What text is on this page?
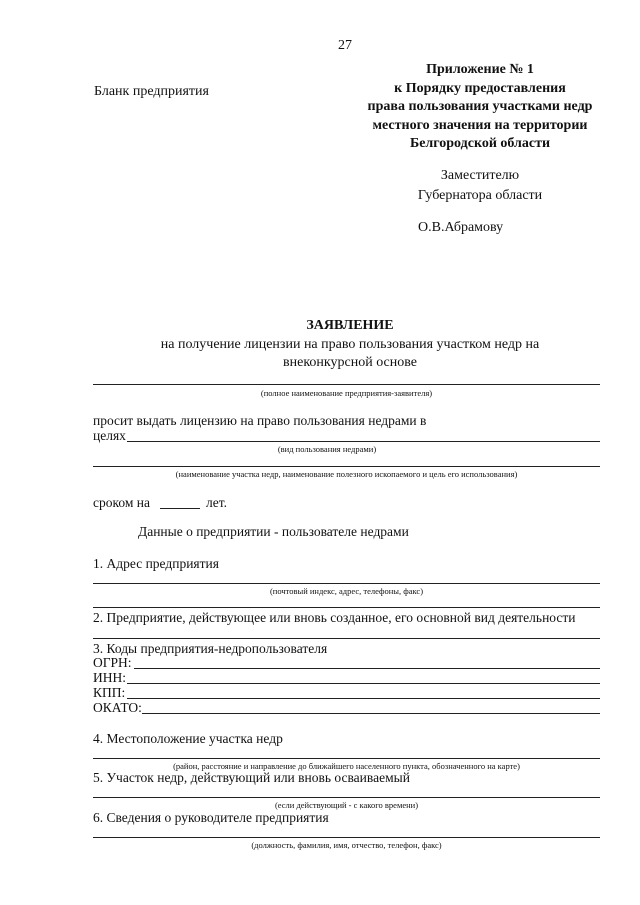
27
Бланк предприятия
Приложение № 1
к Порядку предоставления
права пользования участками недр
местного значения на территории
Белгородской области
Заместителю
Губернатора области
О.В.Абрамову
ЗАЯВЛЕНИЕ
на получение лицензии на право пользования участком недр на
внеконкурсной основе
(полное наименование предприятия-заявителя)
просит выдать лицензию на право пользования недрами в
целях
(вид пользования недрами)
(наименование участка недр, наименование полезного ископаемого и цель его использования)
сроком на	лет.
Данные о предприятии - пользователе недрами
1. Адрес предприятия
(почтовый индекс, адрес, телефоны, факс)
2. Предприятие, действующее или вновь созданное, его основной вид деятельности
3. Коды предприятия-недропользователя
ОГРН:
ИНН:
КПП:
ОКАТО:
4. Местоположение участка недр
(район, расстояние и направление до ближайшего населенного пункта, обозначенного на карте)
5. Участок недр, действующий или вновь осваиваемый
(если действующий - с какого времени)
6. Сведения о руководителе предприятия
(должность, фамилия, имя, отчество, телефон, факс)
